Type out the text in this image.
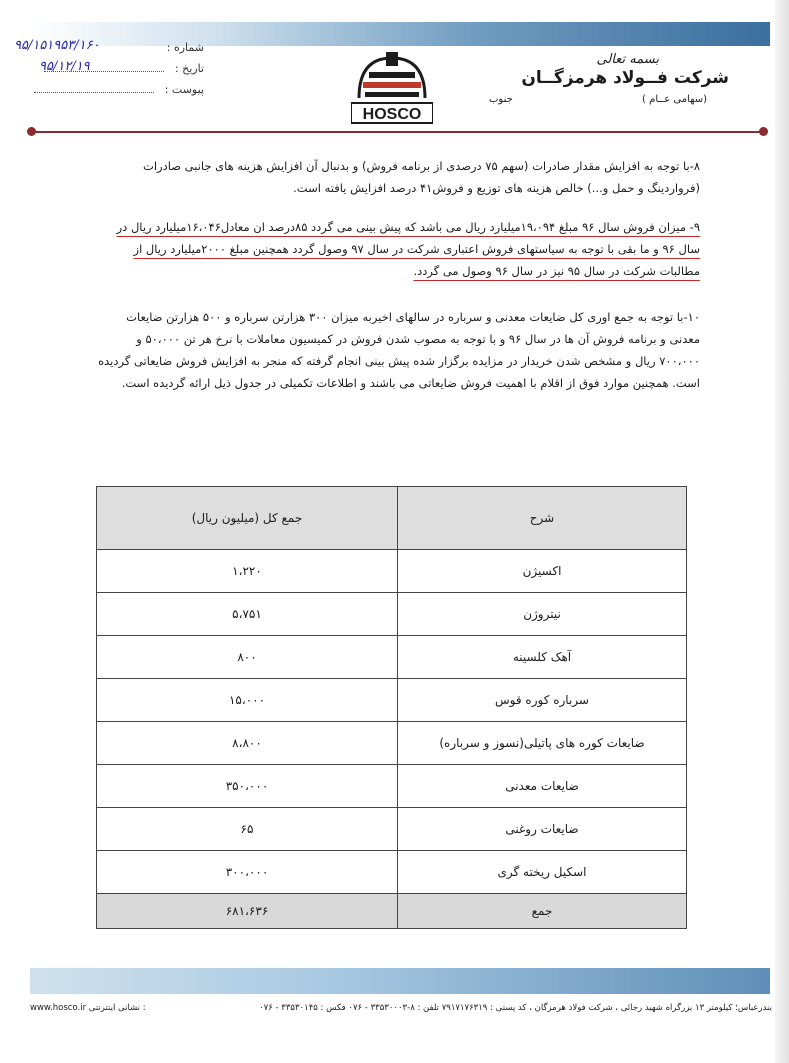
۹۵/۱۵۱۹۵۳/۱۶۰	شماره :
۹۵/۱۲/۱۹	تاریخ :
پیوست :
HOSCO
بسمه تعالی
شرکت فــولاد هرمزگــان
(سهامی عــام )
جنوب
۸-با توجه به افزایش مقدار صادرات (سهم ۷۵ درصدی از برنامه فروش) و بدنبال آن افزایش هزینه های جانبی صادرات (فرواردینگ و حمل و...) خالص هزینه های توزیع و فروش۴۱ درصد افزایش یافته است.
۹- میزان فروش سال ۹۶ مبلغ ۱۹،۰۹۴میلیارد ریال می باشد که پیش بینی می گردد ۸۵درصد ان معادل۱۶،۰۴۶میلیارد ریال در سال ۹۶ و ما بقی با توجه به سیاستهای فروش اعتباری شرکت در سال ۹۷ وصول گردد همچنین مبلغ ۲۰۰۰میلیارد ریال از مطالبات شرکت در سال ۹۵ نیز در سال ۹۶ وصول می گردد.
۱۰-با توجه به جمع اوری کل ضایعات معدنی و سرباره در سالهای اخیربه میزان ۳۰۰ هزارتن سرباره و ۵۰۰ هزارتن ضایعات معدنی و برنامه فروش آن ها در سال ۹۶ و با توجه به مصوب شدن فروش در کمیسیون معاملات با نرخ هر تن ۵۰،۰۰۰ و ۷۰۰،۰۰۰ ریال و مشخص شدن خریدار در مزایده برگزار شده پیش بینی انجام گرفته که منجر به افزایش فروش ضایعاتی گردیده است. همچنین موارد فوق از اقلام با اهمیت فروش ضایعاتی می باشند و اطلاعات تکمیلی در جدول ذیل ارائه گردیده است.
شرح	جمع کل (میلیون ریال)
اکسیژن	۱،۲۲۰
نیتروژن	۵،۷۵۱
آهک کلسینه	۸۰۰
سرباره کوره قوس	۱۵،۰۰۰
ضایعات کوره های پاتیلی(نسوز و سرباره)	۸،۸۰۰
ضایعات معدنی	۳۵۰،۰۰۰
ضایعات روغنی	۶۵
اسکیل ریخته گری	۳۰۰،۰۰۰
جمع	۶۸۱،۶۳۶
www.hosco.ir نشانی اینترنتی :	بندرعباس؛ کیلومتر ۱۳ بزرگراه شهید رجائی ، شرکت فولاد هرمزگان ، کد پستی : ۷۹۱۷۱۷۶۳۱۹ تلفن : ۸-۳۳۵۳۰۰۰۳ - ۰۷۶ فکس : ۳۳۵۳۰۱۴۵ - ۰۷۶
